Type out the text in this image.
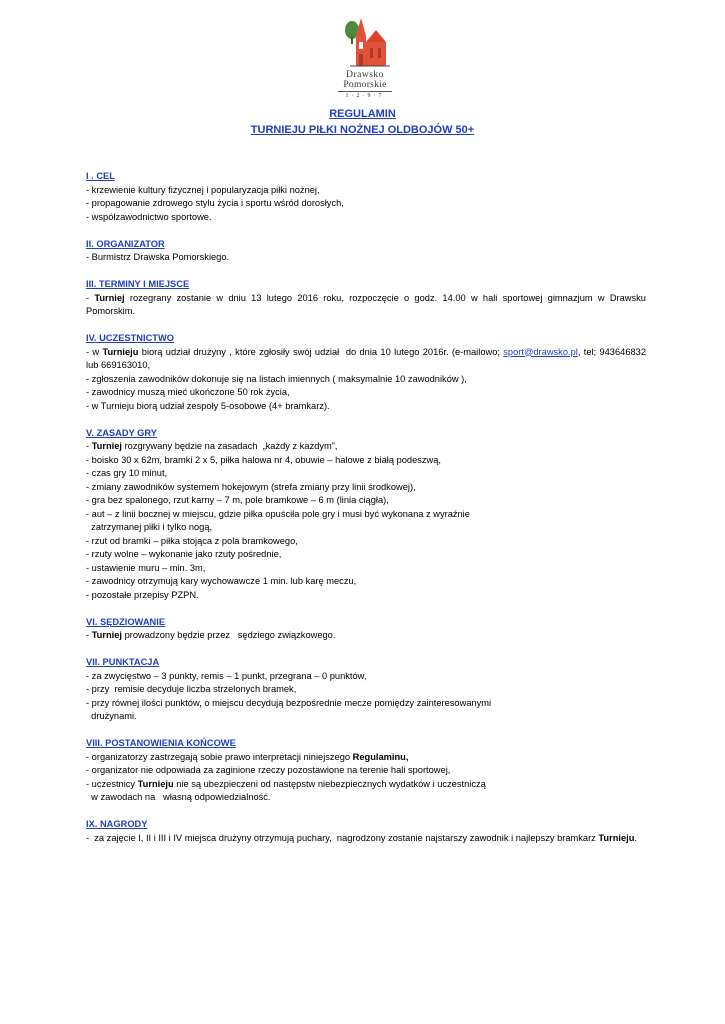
Drawsko
Pomorskie
1·2·9·7
REGULAMIN
TURNIEJU PIŁKI NOŻNEJ OLDBOJÓW 50+
I . CEL
- krzewienie kultury fizycznej i popularyzacja piłki nożnej,
- propagowanie zdrowego stylu życia i sportu wśród dorosłych,
- współzawodnictwo sportowe.
II. ORGANIZATOR
- Burmistrz Drawska Pomorskiego.
III. TERMINY I MIEJSCE
- Turniej rozegrany zostanie w dniu 13 lutego 2016 roku, rozpoczęcie o godz. 14.00 w hali sportowej gimnazjum w Drawsku Pomorskim.
IV. UCZESTNICTWO
- w Turnieju biorą udział drużyny , które zgłosiły swój udział  do dnia 10 lutego 2016r. (e-mailowo; sport@drawsko.pl, tel; 943646832 lub 669163010,
- zgłoszenia zawodników dokonuje się na listach imiennych ( maksymalnie 10 zawodników ),
- zawodnicy muszą mieć ukończone 50 rok życia,
- w Turnieju biorą udział zespoły 5-osobowe (4+ bramkarz).
V. ZASADY GRY
- Turniej rozgrywany będzie na zasadach  „każdy z każdym”,
- boisko 30 x 62m, bramki 2 x 5, piłka halowa nr 4, obuwie – halowe z białą podeszwą,
- czas gry 10 minut,
- zmiany zawodników systemem hokejowym (strefa zmiany przy linii środkowej),
- gra bez spalonego, rzut karny – 7 m, pole bramkowe – 6 m (linia ciągła),
- aut – z linii bocznej w miejscu, gdzie piłka opuściła pole gry i musi być wykonana z wyraźnie
zatrzymanej piłki i tylko nogą,
- rzut od bramki – piłka stojąca z pola bramkowego,
- rzuty wolne – wykonanie jako rzuty pośrednie,
- ustawienie muru – min. 3m,
- zawodnicy otrzymują kary wychowawcze 1 min. lub karę meczu,
- pozostałe przepisy PZPN.
VI. SĘDZIOWANIE
- Turniej prowadzony będzie przez   sędziego związkowego.
VII. PUNKTACJA
- za zwycięstwo – 3 punkty, remis – 1 punkt, przegrana – 0 punktów,
- przy  remisie decyduje liczba strzelonych bramek,
- przy równej ilości punktów, o miejscu decydują bezpośrednie mecze pomiędzy zainteresowanymi
drużynami.
VIII. POSTANOWIENIA KOŃCOWE
- organizatorzy zastrzegają sobie prawo interpretacji niniejszego Regulaminu,
- organizator nie odpowiada za zaginione rzeczy pozostawione na terenie hali sportowej,
- uczestnicy Turnieju nie są ubezpieczeni od następstw niebezpiecznych wydatków i uczestniczą
w zawodach na   własną odpowiedzialność.
IX. NAGRODY
-  za zajęcie I, II i III i IV miejsca drużyny otrzymują puchary,  nagrodzony zostanie najstarszy zawodnik i najlepszy bramkarz Turnieju.
